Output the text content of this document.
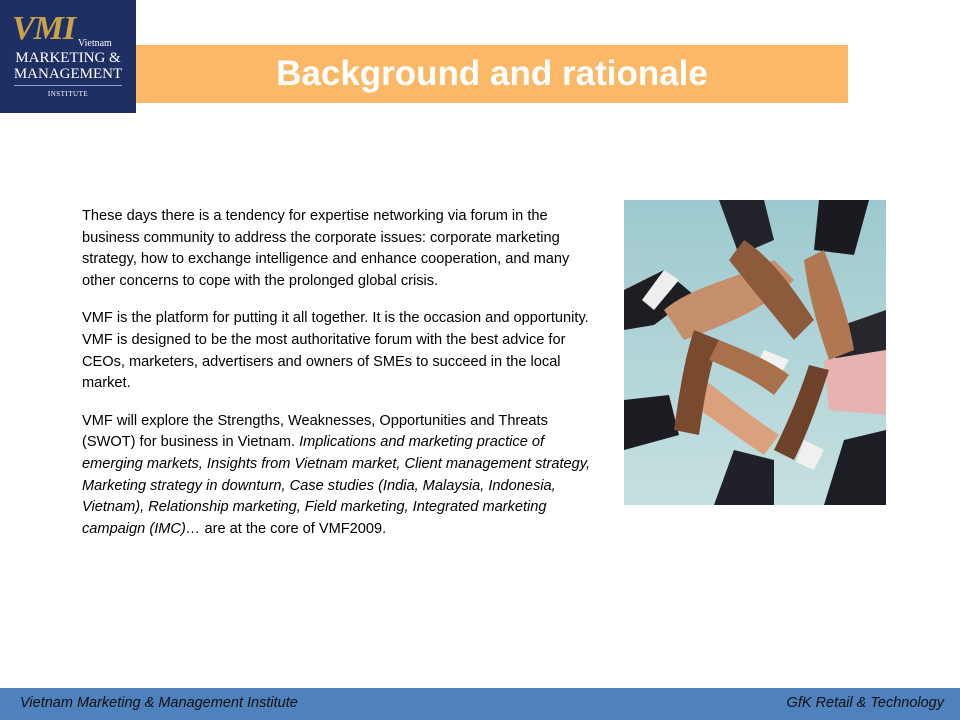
VMI Vietnam
MARKETING &
MANAGEMENT
INSTITUTE
Background and rationale

These days there is a tendency for expertise networking via forum in the business community to address the corporate issues: corporate marketing strategy, how to exchange intelligence and enhance cooperation, and many other concerns to cope with the prolonged global crisis.

VMF is the platform for putting it all together. It is the occasion and opportunity. VMF is designed to be the most authoritative forum with the best advice for CEOs, marketers, advertisers and owners of SMEs to succeed in the local market.

VMF will explore the Strengths, Weaknesses, Opportunities and Threats (SWOT) for business in Vietnam. Implications and marketing practice of emerging markets, Insights from Vietnam market, Client management strategy, Marketing strategy in downturn, Case studies (India, Malaysia, Indonesia, Vietnam), Relationship marketing, Field marketing, Integrated marketing campaign (IMC)… are at the core of VMF2009.

Vietnam Marketing & Management Institute	GfK Retail & Technology
